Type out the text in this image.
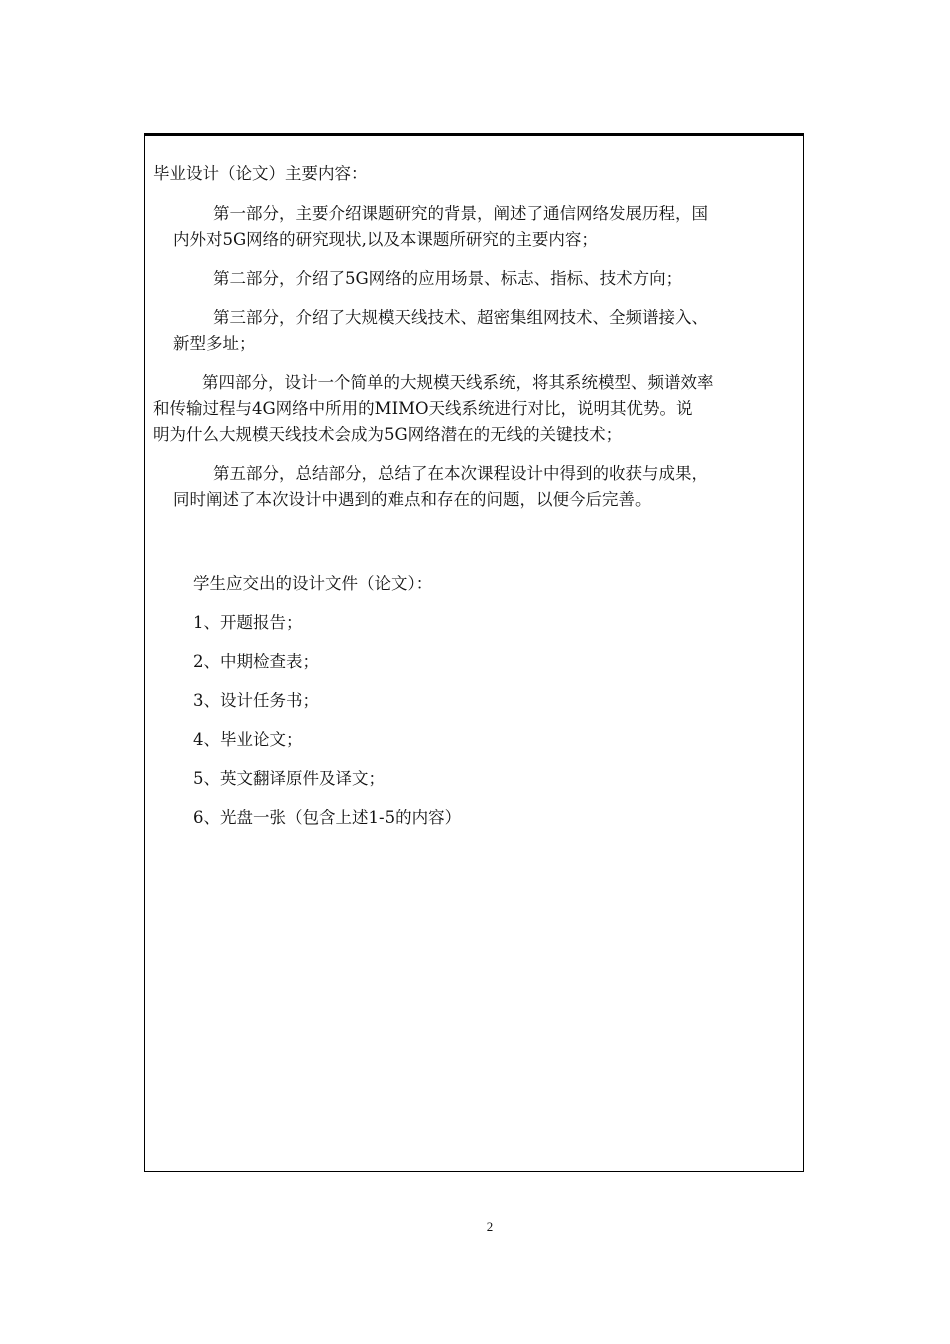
毕业设计（论文）主要内容：
第一部分，主要介绍课题研究的背景，阐述了通信网络发展历程，国
内外对5G网络的研究现状,以及本课题所研究的主要内容；
第二部分，介绍了5G网络的应用场景、标志、指标、技术方向；
第三部分，介绍了大规模天线技术、超密集组网技术、全频谱接入、
新型多址；
第四部分，设计一个简单的大规模天线系统，将其系统模型、频谱效率
和传输过程与4G网络中所用的MIMO天线系统进行对比，说明其优势。说
明为什么大规模天线技术会成为5G网络潜在的无线的关键技术；
第五部分，总结部分，总结了在本次课程设计中得到的收获与成果，
同时阐述了本次设计中遇到的难点和存在的问题，以便今后完善。
学生应交出的设计文件（论文）：
1、开题报告；
2、中期检查表；
3、设计任务书；
4、毕业论文；
5、英文翻译原件及译文；
6、光盘一张（包含上述1-5的内容）
2
